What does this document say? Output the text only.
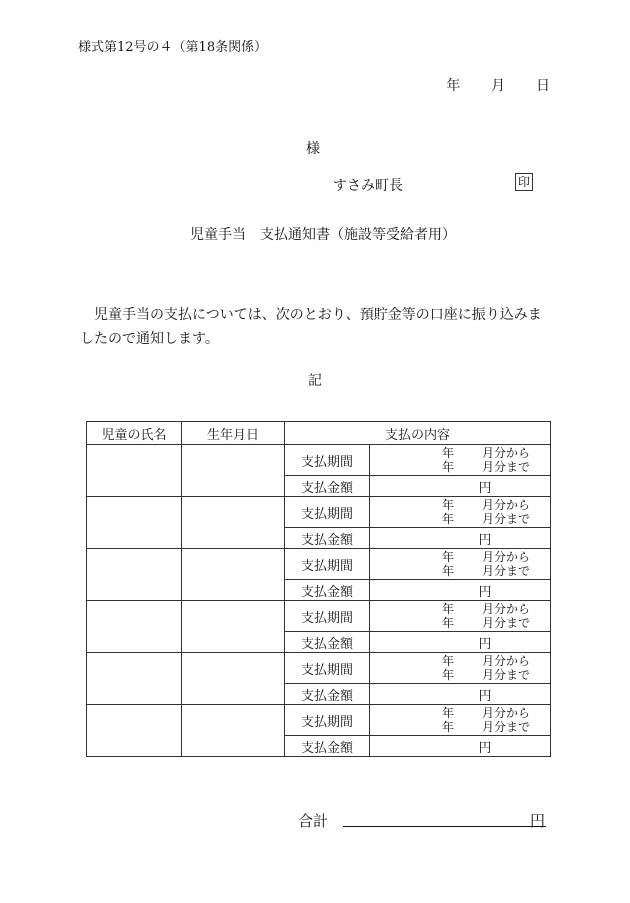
様式第12号の４（第18条関係）
年 月 日
様
すさみ町長	印
児童手当　支払通知書（施設等受給者用）
児童手当の支払については、次のとおり、預貯金等の口座に振り込みましたので通知します。
記
児童の氏名	生年月日	支払の内容	
		支払期間	年 月分から
年 月分まで

		支払金額	円
		支払期間	年 月分から
年 月分まで

		支払金額	円
		支払期間	年 月分から
年 月分まで

		支払金額	円
		支払期間	年 月分から
年 月分まで

		支払金額	円
		支払期間	年 月分から
年 月分まで

		支払金額	円
		支払期間	年 月分から
年 月分まで

		支払金額	円
合計	円
